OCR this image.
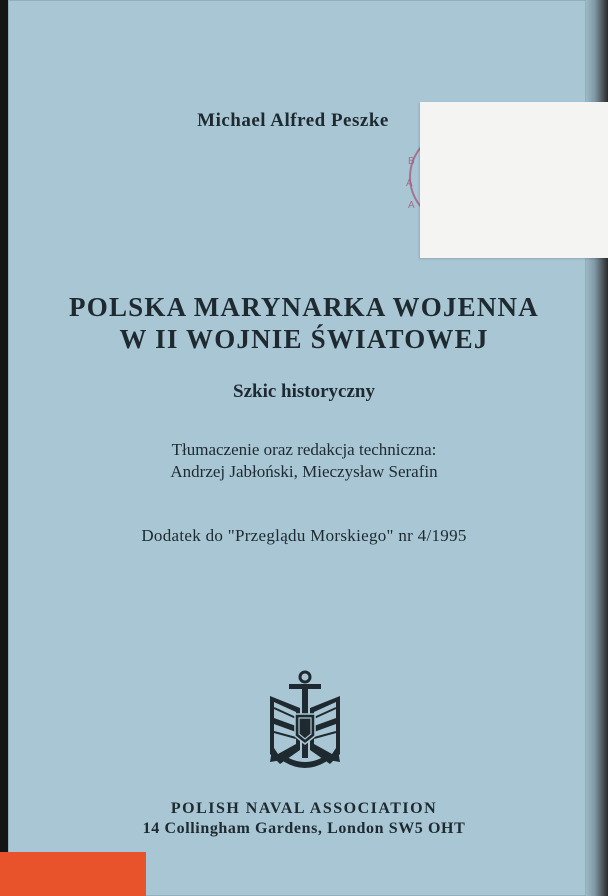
Michael Alfred Peszke
POLSKA MARYNARKA WOJENNA
W II WOJNIE ŚWIATOWEJ
Szkic historyczny
Tłumaczenie oraz redakcja techniczna:
Andrzej Jabłoński, Mieczysław Serafin
Dodatek do "Przeglądu Morskiego" nr 4/1995
POLISH NAVAL ASSOCIATION
14 Collingham Gardens, London SW5 OHT
B
A
A
